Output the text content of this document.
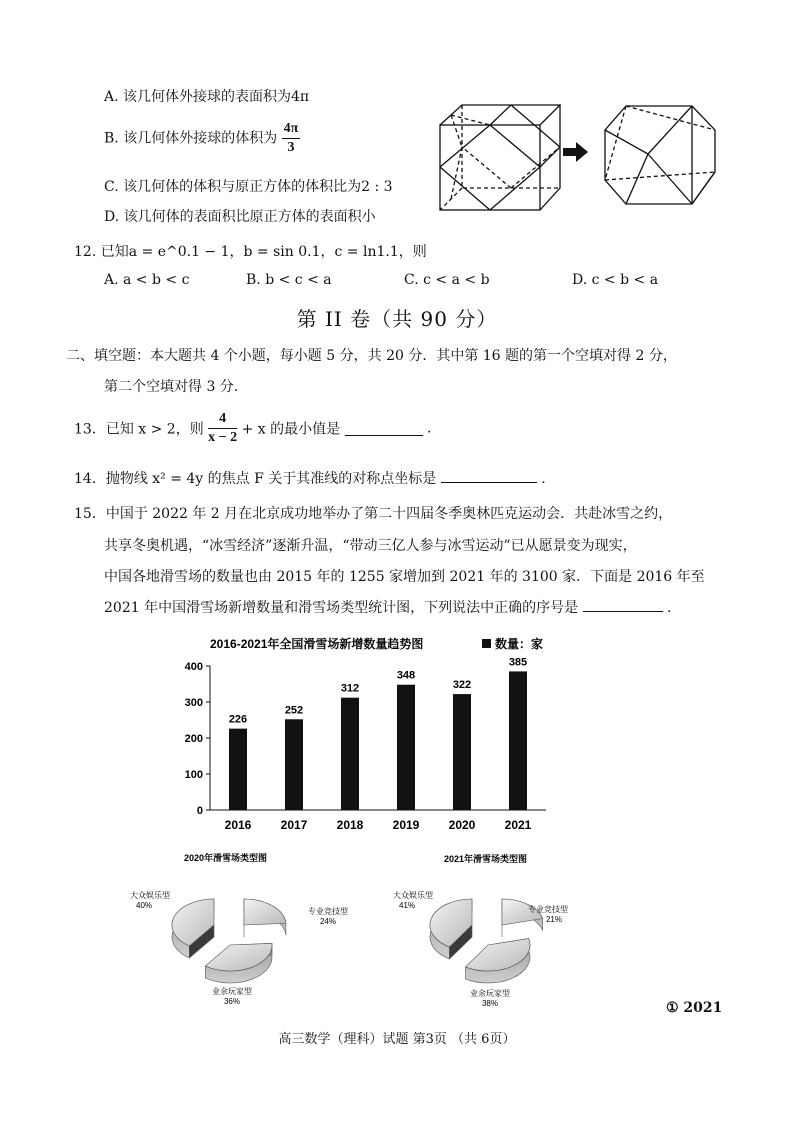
A. 该几何体外接球的表面积为4π
B. 该几何体外接球的体积为 $\frac{4\pi}{3}$
C. 该几何体的体积与原正方体的体积比为2 : 3
D. 该几何体的表面积比原正方体的表面积小
12. 已知a = e^0.1 − 1，b = sin 0.1，c = ln1.1，则
A. a < b < c	B. b < c < a	C. c < a < b	D. c < b < a
第 II 卷（共 90 分）
二、填空题：本大题共 4 个小题，每小题 5 分，共 20 分．其中第 16 题的第一个空填对得 2 分，
第二个空填对得 3 分.
13．已知 x > 2，则 $\frac{4}{x - 2} + x$ 的最小值是	.
14．抛物线 x² = 4y 的焦点 F 关于其准线的对称点坐标是	.
15．中国于 2022 年 2 月在北京成功地举办了第二十四届冬季奥林匹克运动会．共赴冰雪之约，
共享冬奥机遇，“冰雪经济”逐渐升温，“带动三亿人参与冰雪运动”已从愿景变为现实，
中国各地滑雪场的数量也由 2015 年的 1255 家增加到 2021 年的 3100 家．下面是 2016 年至
2021 年中国滑雪场新增数量和滑雪场类型统计图，下列说法中正确的序号是	.
2016-2021年全国滑雪场新增数量趋势图	数量：家
0
100
200
300
400
226
2016
252
2017
312
2018
348
2019
322
2020
385
2021
2020年滑雪场类型图	2021年滑雪场类型图
大众娱乐型
40%
专业竞技型
24%
业余玩家型
36%
大众娱乐型
41%	专业竞技型
21%
业余玩家型
38%	① 2021
高三数学（理科）试题 第3页 （共 6页）
